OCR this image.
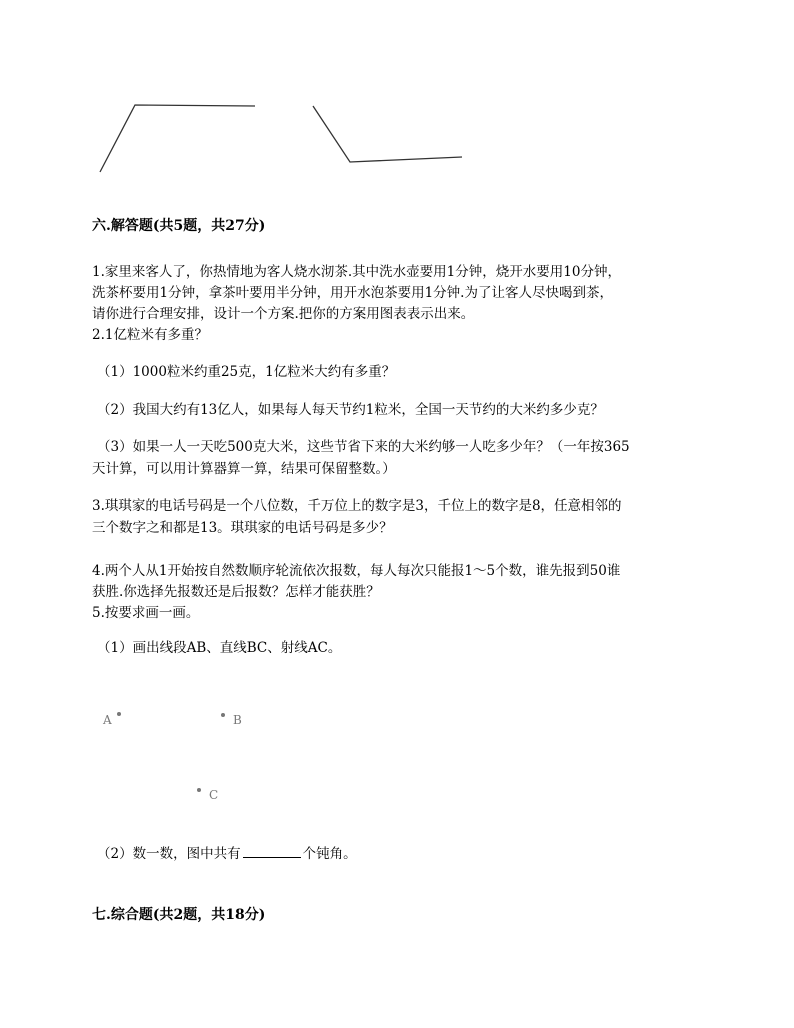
六.解答题(共5题，共27分)
1.家里来客人了，你热情地为客人烧水沏茶.其中洗水壶要用1分钟，烧开水要用10分钟，
洗茶杯要用1分钟，拿茶叶要用半分钟，用开水泡茶要用1分钟.为了让客人尽快喝到茶，
请你进行合理安排，设计一个方案.把你的方案用图表表示出来。
2.1亿粒米有多重？
（1）1000粒米约重25克，1亿粒米大约有多重？
（2）我国大约有13亿人，如果每人每天节约1粒米，全国一天节约的大米约多少克？
（3）如果一人一天吃500克大米，这些节省下来的大米约够一人吃多少年？（一年按365
天计算，可以用计算器算一算，结果可保留整数。）
3.琪琪家的电话号码是一个八位数，千万位上的数字是3，千位上的数字是8，任意相邻的
三个数字之和都是13。琪琪家的电话号码是多少？
4.两个人从1开始按自然数顺序轮流依次报数，每人每次只能报1～5个数，谁先报到50谁
获胜.你选择先报数还是后报数？怎样才能获胜？
5.按要求画一画。
（1）画出线段AB、直线BC、射线AC。
A	B
C
（2）数一数，图中共有	个钝角。
七.综合题(共2题，共18分)
